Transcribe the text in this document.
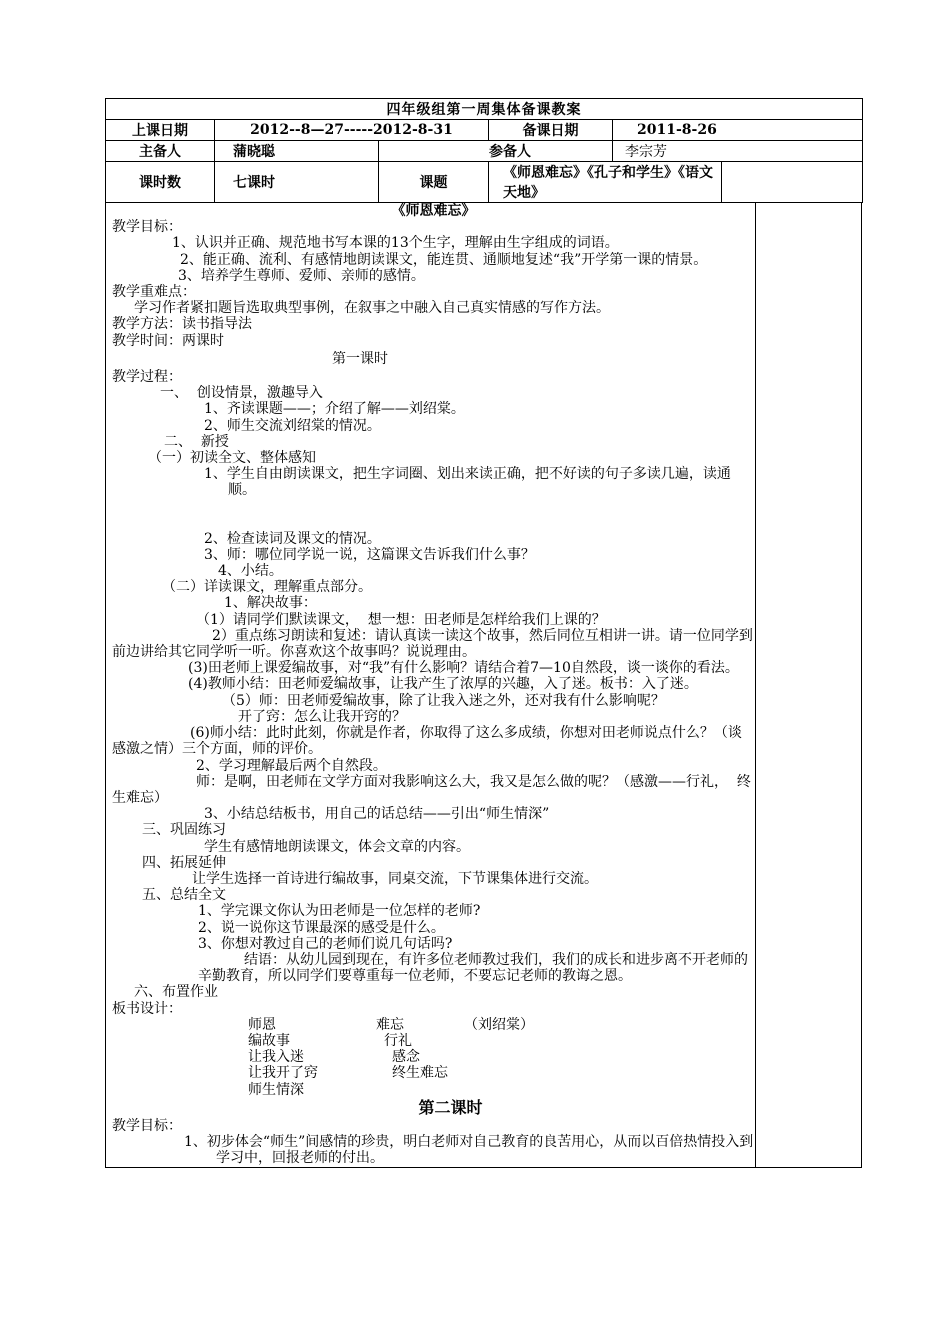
四年级组第一周集体备课教案					
上课日期	2012--8—27-----2012-8-31		备课日期	2011-8-26	
主备人	蒲晓聪	参备人		李宗芳	
课时数	七课时	课题	《师恩难忘》《孔子和学生》《语文天地》		
《师恩难忘》
教学目标：
1、认识并正确、规范地书写本课的13个生字，理解由生字组成的词语。
2、能正确、流利、有感情地朗读课文，能连贯、通顺地复述“我”开学第一课的情景。
3、培养学生尊师、爱师、亲师的感情。
教学重难点：
学习作者紧扣题旨选取典型事例，在叙事之中融入自己真实情感的写作方法。
教学方法：读书指导法
教学时间：两课时
第一课时
教学过程：
一、  创设情景，激趣导入
1、齐读课题——；介绍了解——刘绍棠。
2、师生交流刘绍棠的情况。
二、  新授
（一）初读全文、整体感知
1、学生自由朗读课文，把生字词圈、划出来读正确，把不好读的句子多读几遍，读通顺。
2、检查读词及课文的情况。
3、师：哪位同学说一说，这篇课文告诉我们什么事？
4、小结。
（二）详读课文，理解重点部分。
1、解决故事：
（1）请同学们默读课文，  想一想：田老师是怎样给我们上课的？
2）重点练习朗读和复述：请认真读一读这个故事，然后同位互相讲一讲。请一位同学到前边讲给其它同学听一听。你喜欢这个故事吗？说说理由。
(3)田老师上课爱编故事，对“我”有什么影响？请结合着7—10自然段，谈一谈你的看法。
(4)教师小结：田老师爱编故事，让我产生了浓厚的兴趣，入了迷。板书：入了迷。
（5）师：田老师爱编故事，除了让我入迷之外，还对我有什么影响呢？
开了窍：怎么让我开窍的？
(6)师小结：此时此刻，你就是作者，你取得了这么多成绩，你想对田老师说点什么？（谈感激之情）三个方面，师的评价。
2、学习理解最后两个自然段。
师：是啊，田老师在文学方面对我影响这么大，我又是怎么做的呢？（感激——行礼，  终生难忘）
3、小结总结板书，用自己的话总结——引出“师生情深”
三、巩固练习
学生有感情地朗读课文，体会文章的内容。
四、拓展延伸
让学生选择一首诗进行编故事，同桌交流，下节课集体进行交流。
五、总结全文
1、学完课文你认为田老师是一位怎样的老师?
2、说一说你这节课最深的感受是什么。
3、你想对教过自己的老师们说几句话吗?
结语：从幼儿园到现在，有许多位老师教过我们，我们的成长和进步离不开老师的辛勤教育，所以同学们要尊重每一位老师，不要忘记老师的教诲之恩。
六、布置作业
板书设计：
师恩	难忘	（刘绍棠）
编故事	行礼
让我入迷	感念
让我开了窍	终生难忘
师生情深
第二课时
教学目标：
1、初步体会“师生”间感情的珍贵，明白老师对自己教育的良苦用心，从而以百倍热情投入到学习中，回报老师的付出。
